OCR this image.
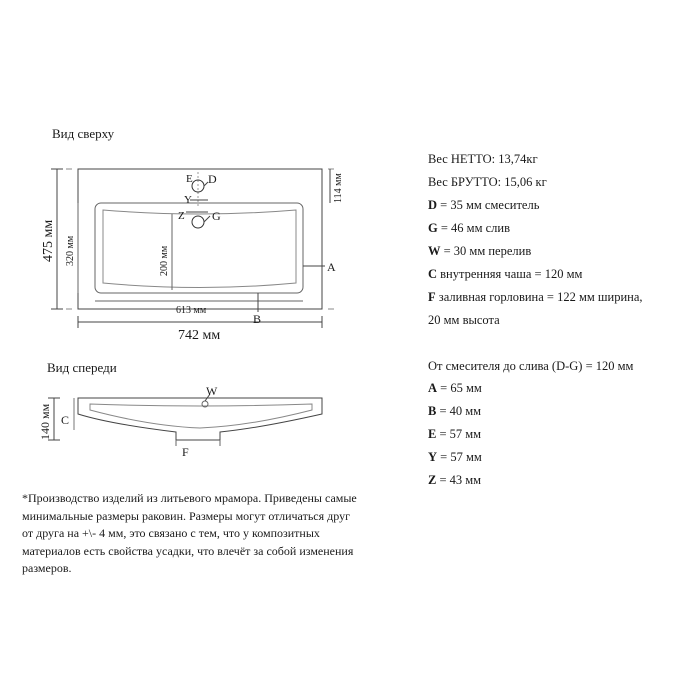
Вид сверху
E D
Y
Z G
A
B
742 мм
613 мм
475 мм 320 мм
114 мм
200 мм
W
C
F
140 мм
Вид спереди
Вес НЕТТО: 13,74кг
Вес БРУТТО: 15,06 кг
D = 35 мм смеситель
G = 46 мм слив
W = 30 мм перелив
C внутренняя чаша = 120 мм
F заливная горловина = 122 мм ширина,
20 мм высота
От смесителя до слива (D-G) = 120 мм
A = 65 мм
B = 40 мм
E = 57 мм
Y = 57 мм
Z = 43 мм
*Производство изделий из литьевого мрамора. Приведены самые
минимальные размеры раковин. Размеры могут отличаться друг
от друга на +\- 4 мм, это связано с тем, что у композитных
материалов есть свойства усадки, что влечёт за собой изменения
размеров.
